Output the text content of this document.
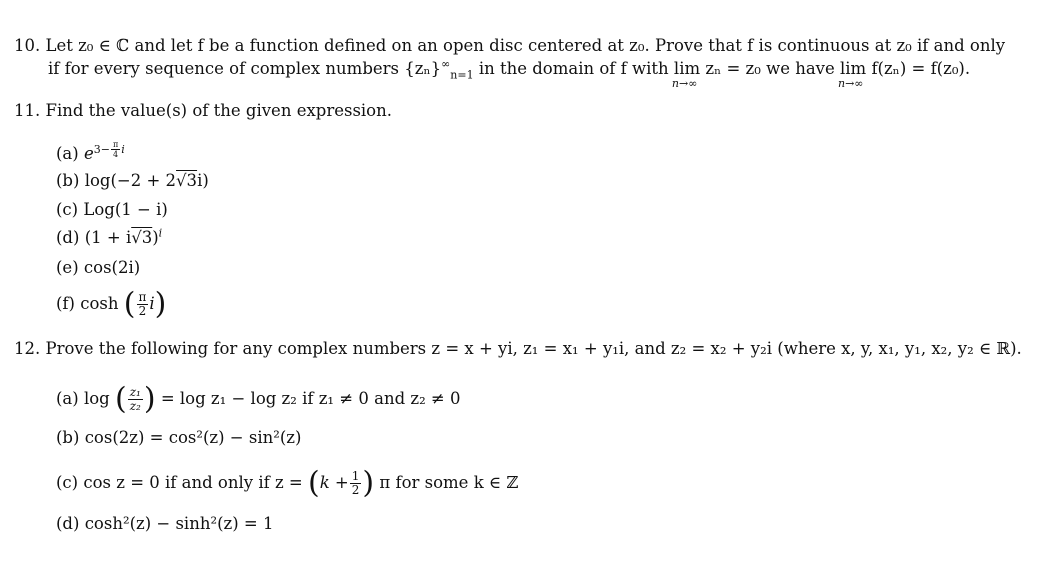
10. Let z₀ ∈ ℂ and let f be a function defined on an open disc centered at z₀. Prove that f is continuous at z₀ if and only
if for every sequence of complex numbers $\{z_n\}^\infty_{n=1}$ in the domain of f with lim
n→∞
zₙ = z₀ we have lim
n→∞
f(zₙ) = f(z₀).
11. Find the value(s) of the given expression.
(a) $e^{3- \frac{\pi}{4} i}$
(b) log(−2 + 2√3i)
(c) Log(1 − i)
(d) $(1 + i√3)^i$
(e) cos(2i)
(f) cosh ( $\frac{\pi}{2} i$)
12. Prove the following for any complex numbers z = x + yi, z₁ = x₁ + y₁i, and z₂ = x₂ + y₂i (where x, y, x₁, y₁, x₂, y₂ ∈ ℝ).
(a) log ( $\frac{\text{z₁}}{\text{z₂}}$ ) = log z₁ − log z₂ if z₁ ≠ 0 and z₂ ≠ 0
(b) cos(2z) = cos²(z) − sin²(z)
(c) cos z = 0 if and only if $z = (k + \frac{1}{2}$ ) π for some k ∈ ℤ
(d) cosh²(z) − sinh²(z) = 1
